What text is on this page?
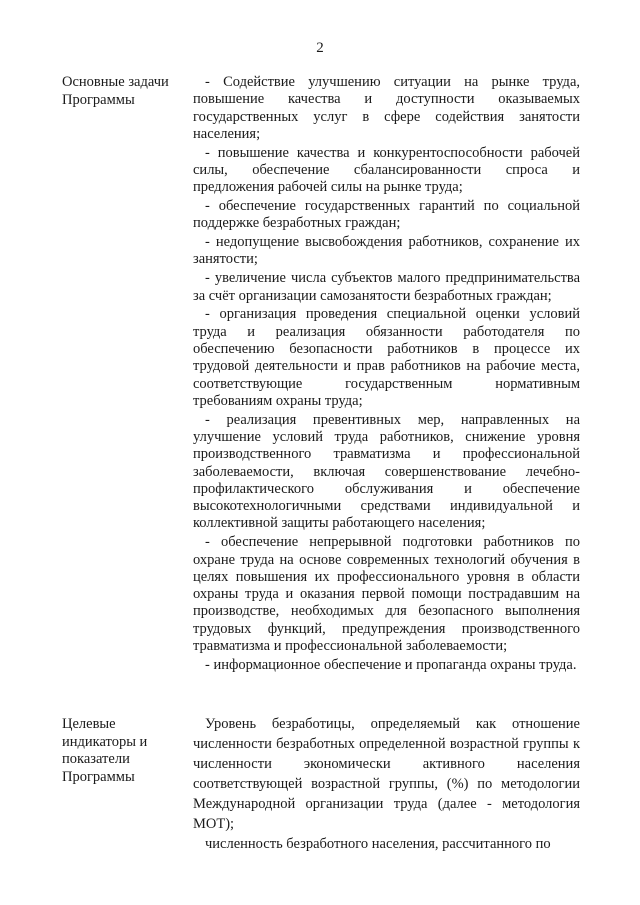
2
Основные задачи Программы

- Содействие улучшению ситуации на рынке труда, повышение качества и доступности оказываемых государственных услуг в сфере содействия занятости населения;

- повышение качества и конкурентоспособности рабочей силы, обеспечение сбалансированности спроса и предложения рабочей силы на рынке труда;

- обеспечение государственных гарантий по социальной поддержке безработных граждан;

- недопущение высвобождения работников, сохранение их занятости;

- увеличение числа субъектов малого предпринимательства за счёт организации самозанятости безработных граждан;

- организация проведения специальной оценки условий труда и реализация обязанности работодателя по обеспечению безопасности работников в процессе их трудовой деятельности и прав работников на рабочие места, соответствующие государственным нормативным требованиям охраны труда;

- реализация превентивных мер, направленных на улучшение условий труда работников, снижение уровня производственного травматизма и профессиональной заболеваемости, включая совершенствование лечебно-профилактического обслуживания и обеспечение высокотехнологичными средствами индивидуальной и коллективной защиты работающего населения;

- обеспечение непрерывной подготовки работников по охране труда на основе современных технологий обучения в целях повышения их профессионального уровня в области охраны труда и оказания первой помощи пострадавшим на производстве, необходимых для безопасного выполнения трудовых функций, предупреждения производственного травматизма и профессиональной заболеваемости;

- информационное обеспечение и пропаганда охраны труда.

Целевые индикаторы и показатели Программы

Уровень безработицы, определяемый как отношение численности безработных определенной возрастной группы к численности экономически активного населения соответствующей возрастной группы, (%) по методологии Международной организации труда (далее - методология МОТ);

численность безработного населения, рассчитанного по
